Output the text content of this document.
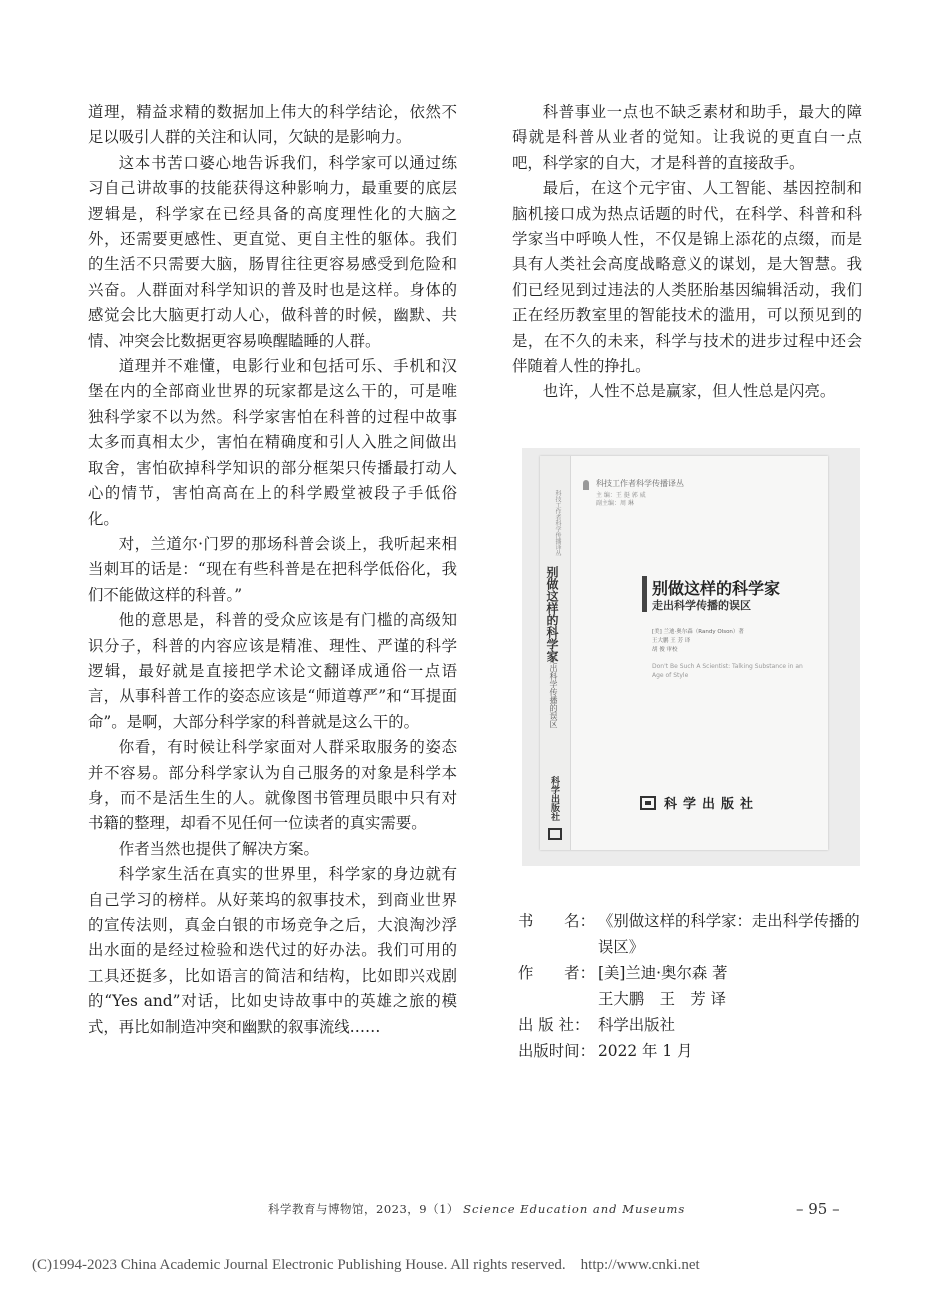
道理，精益求精的数据加上伟大的科学结论，依然不足以吸引人群的关注和认同，欠缺的是影响力。

这本书苦口婆心地告诉我们，科学家可以通过练习自己讲故事的技能获得这种影响力，最重要的底层逻辑是，科学家在已经具备的高度理性化的大脑之外，还需要更感性、更直觉、更自主性的躯体。我们的生活不只需要大脑，肠胃往往更容易感受到危险和兴奋。人群面对科学知识的普及时也是这样。身体的感觉会比大脑更打动人心，做科普的时候，幽默、共情、冲突会比数据更容易唤醒瞌睡的人群。

道理并不难懂，电影行业和包括可乐、手机和汉堡在内的全部商业世界的玩家都是这么干的，可是唯独科学家不以为然。科学家害怕在科普的过程中故事太多而真相太少，害怕在精确度和引人入胜之间做出取舍，害怕砍掉科学知识的部分框架只传播最打动人心的情节，害怕高高在上的科学殿堂被段子手低俗化。

对，兰道尔·门罗的那场科普会谈上，我听起来相当刺耳的话是：“现在有些科普是在把科学低俗化，我们不能做这样的科普。”

他的意思是，科普的受众应该是有门槛的高级知识分子，科普的内容应该是精准、理性、严谨的科学逻辑，最好就是直接把学术论文翻译成通俗一点语言，从事科普工作的姿态应该是“师道尊严”和“耳提面命”。是啊，大部分科学家的科普就是这么干的。

你看，有时候让科学家面对人群采取服务的姿态并不容易。部分科学家认为自己服务的对象是科学本身，而不是活生生的人。就像图书管理员眼中只有对书籍的整理，却看不见任何一位读者的真实需要。

作者当然也提供了解决方案。

科学家生活在真实的世界里，科学家的身边就有自己学习的榜样。从好莱坞的叙事技术，到商业世界的宣传法则，真金白银的市场竞争之后，大浪淘沙浮出水面的是经过检验和迭代过的好办法。我们可用的工具还挺多，比如语言的简洁和结构，比如即兴戏剧的“Yes and”对话，比如史诗故事中的英雄之旅的模式，再比如制造冲突和幽默的叙事流线……

科普事业一点也不缺乏素材和助手，最大的障碍就是科普从业者的觉知。让我说的更直白一点吧，科学家的自大，才是科普的直接敌手。

最后，在这个元宇宙、人工智能、基因控制和脑机接口成为热点话题的时代，在科学、科普和科学家当中呼唤人性，不仅是锦上添花的点缀，而是具有人类社会高度战略意义的谋划，是大智慧。我们已经见到过违法的人类胚胎基因编辑活动，我们正在经历教室里的智能技术的滥用，可以预见到的是，在不久的未来，科学与技术的进步过程中还会伴随着人性的挣扎。

也许，人性不总是赢家，但人性总是闪亮。

科技工作者科学传播译丛
别做这样的科学家
走出科学传播的误区
科学出版社
科技工作者科学传播译丛
主 编：王 挺 郭 威
副主编：周 琳
别做这样的科学家
走出科学传播的误区
[美] 兰迪·奥尔森（Randy Olson）著
王大鹏 王 芳 译
胡 俊 审校
Don't Be Such A Scientist: Talking Substance in an Age of Style
科学出版社
书　　名： 《别做这样的科学家：走出科学传播的误区》
作　　者： [美]兰迪·奥尔森 著
王大鹏　王　芳 译
出 版 社： 科学出版社
出版时间： 2022 年 1 月
科学教育与博物馆，2023，9（1） Science Education and Museums	– 95 –
(C)1994-2023 China Academic Journal Electronic Publishing House. All rights reserved.　http://www.cnki.net
